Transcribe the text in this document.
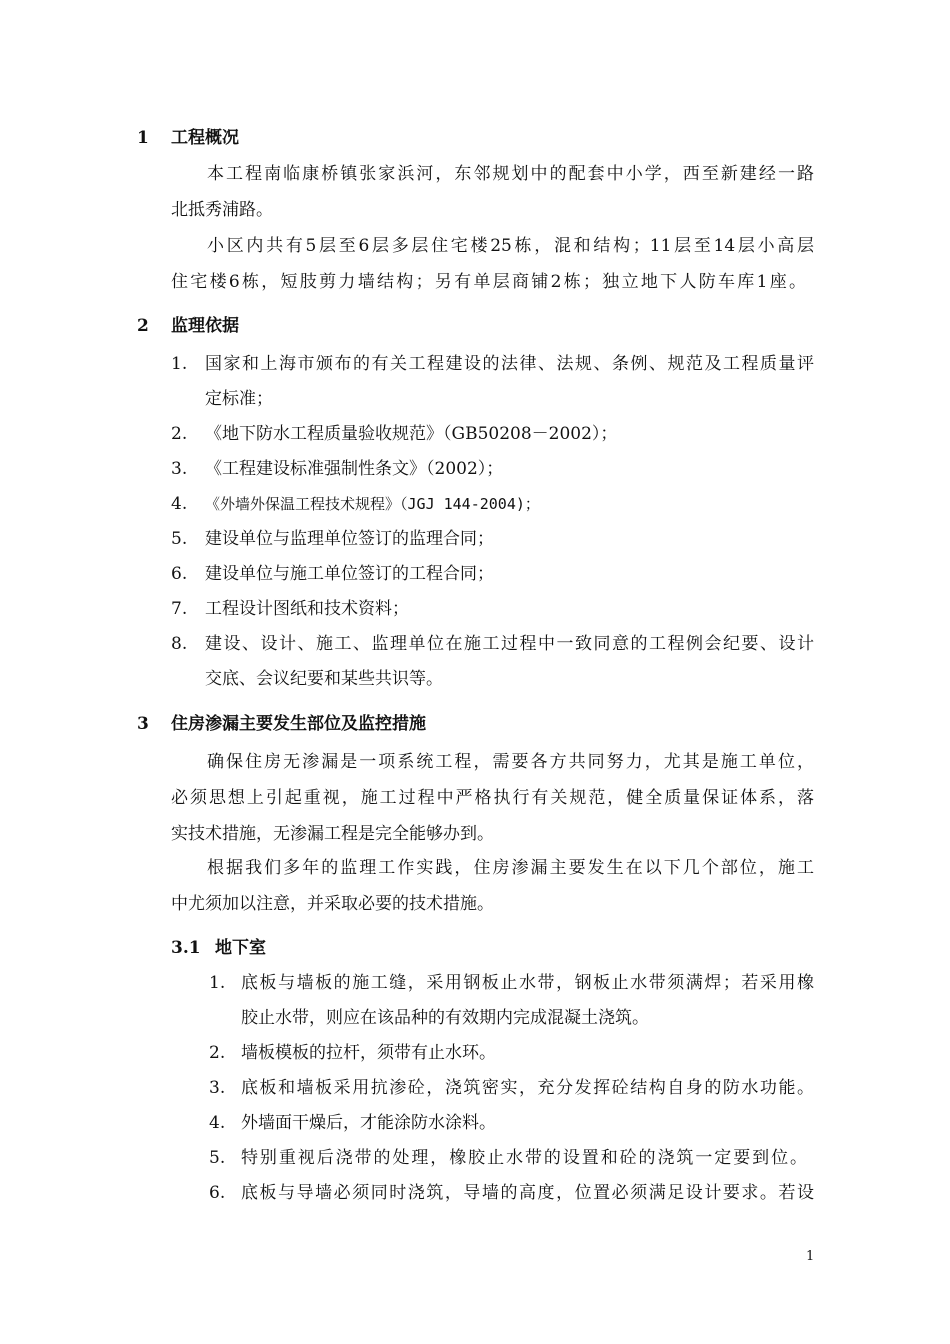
1 工程概况
本工程南临康桥镇张家浜河，东邻规划中的配套中小学，西至新建经一路
北抵秀浦路。
小区内共有5层至6层多层住宅楼25栋，混和结构；11层至14层小高层
住宅楼6栋，短肢剪力墙结构；另有单层商铺2栋；独立地下人防车库1座。
2 监理依据
1. 国家和上海市颁布的有关工程建设的法律、法规、条例、规范及工程质量评
定标准；
2. 《地下防水工程质量验收规范》（GB50208－2002）；
3. 《工程建设标准强制性条文》（2002）；
4. 《外墙外保温工程技术规程》（JGJ 144-2004)；
5. 建设单位与监理单位签订的监理合同；
6. 建设单位与施工单位签订的工程合同；
7. 工程设计图纸和技术资料；
8. 建设、设计、施工、监理单位在施工过程中一致同意的工程例会纪要、设计
交底、会议纪要和某些共识等。
3 住房渗漏主要发生部位及监控措施
确保住房无渗漏是一项系统工程，需要各方共同努力，尤其是施工单位，
必须思想上引起重视，施工过程中严格执行有关规范，健全质量保证体系，落
实技术措施，无渗漏工程是完全能够办到。
根据我们多年的监理工作实践，住房渗漏主要发生在以下几个部位，施工
中尤须加以注意，并采取必要的技术措施。
3.1 地下室
1. 底板与墙板的施工缝，采用钢板止水带，钢板止水带须满焊；若采用橡
胶止水带，则应在该品种的有效期内完成混凝土浇筑。
2. 墙板模板的拉杆，须带有止水环。
3. 底板和墙板采用抗渗砼，浇筑密实，充分发挥砼结构自身的防水功能。
4. 外墙面干燥后，才能涂防水涂料。
5. 特别重视后浇带的处理，橡胶止水带的设置和砼的浇筑一定要到位。
6. 底板与导墙必须同时浇筑，导墙的高度，位置必须满足设计要求。若设
1
